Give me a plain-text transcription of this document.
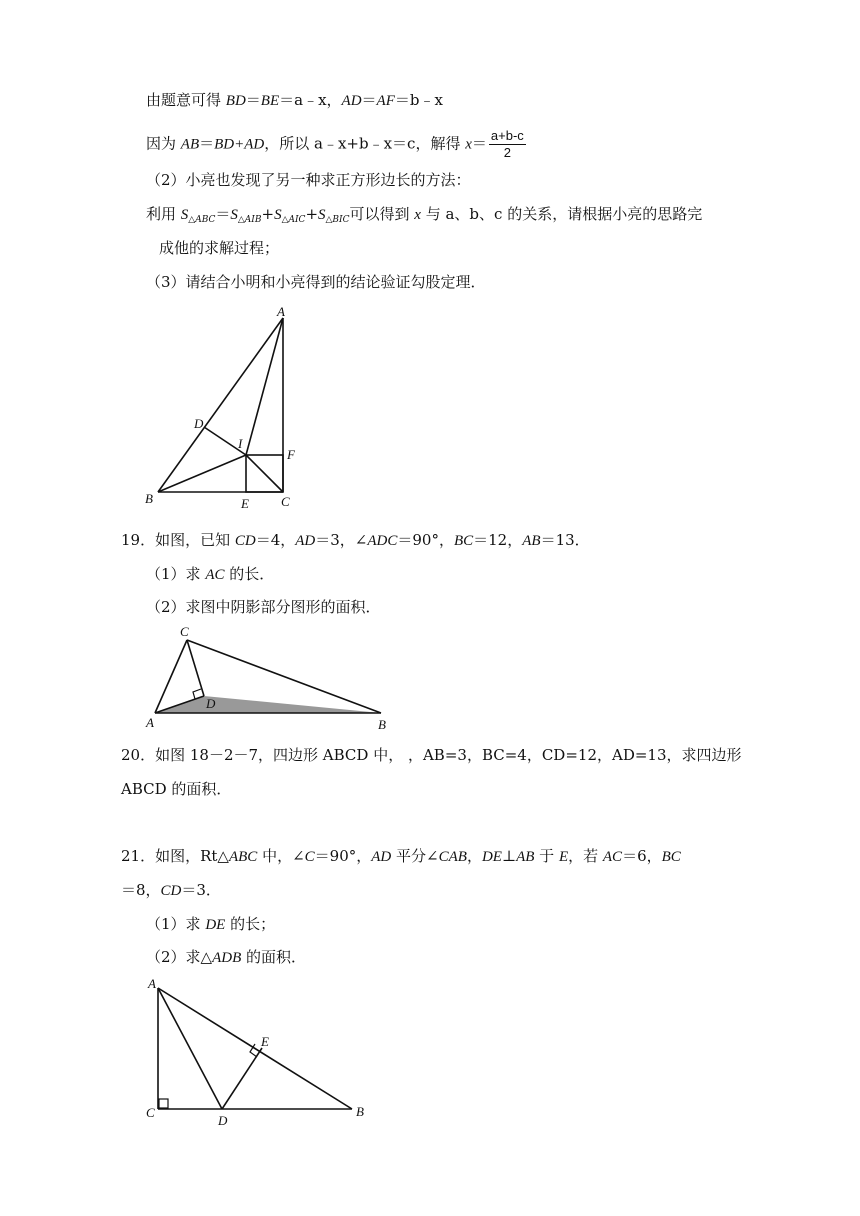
由题意可得 BD＝BE＝a﹣x，AD＝AF＝b﹣x
因为 AB＝BD+AD，所以 a﹣x+b﹣x＝c，解得 $x= \frac{a+b-c}{2}$
（2）小亮也发现了另一种求正方形边长的方法：
利用 $S_{\triangle ABC}=S_{\triangle AIB}+S_{\triangle AIC}+S_{\triangle BIC}$可以得到 x 与 a、b、c 的关系，请根据小亮的思路完
成他的求解过程；
（3）请结合小明和小亮得到的结论验证勾股定理．
A
B	C
D
E
F
I
19．如图，已知 CD＝4，AD＝3，∠ADC＝90°，BC＝12，AB＝13．
（1）求 AC 的长．
（2）求图中阴影部分图形的面积．
C
D
A	B
20．如图 18－2－7，四边形 ABCD 中， ，AB=3，BC=4，CD=12，AD=13，求四边形
ABCD 的面积．
21．如图，Rt△ABC 中，∠C＝90°，AD 平分∠CAB，DE⊥AB 于 E，若 AC＝6，BC
＝8，CD＝3．
（1）求 DE 的长；
（2）求△ADB 的面积．
A
C
D
E
B
